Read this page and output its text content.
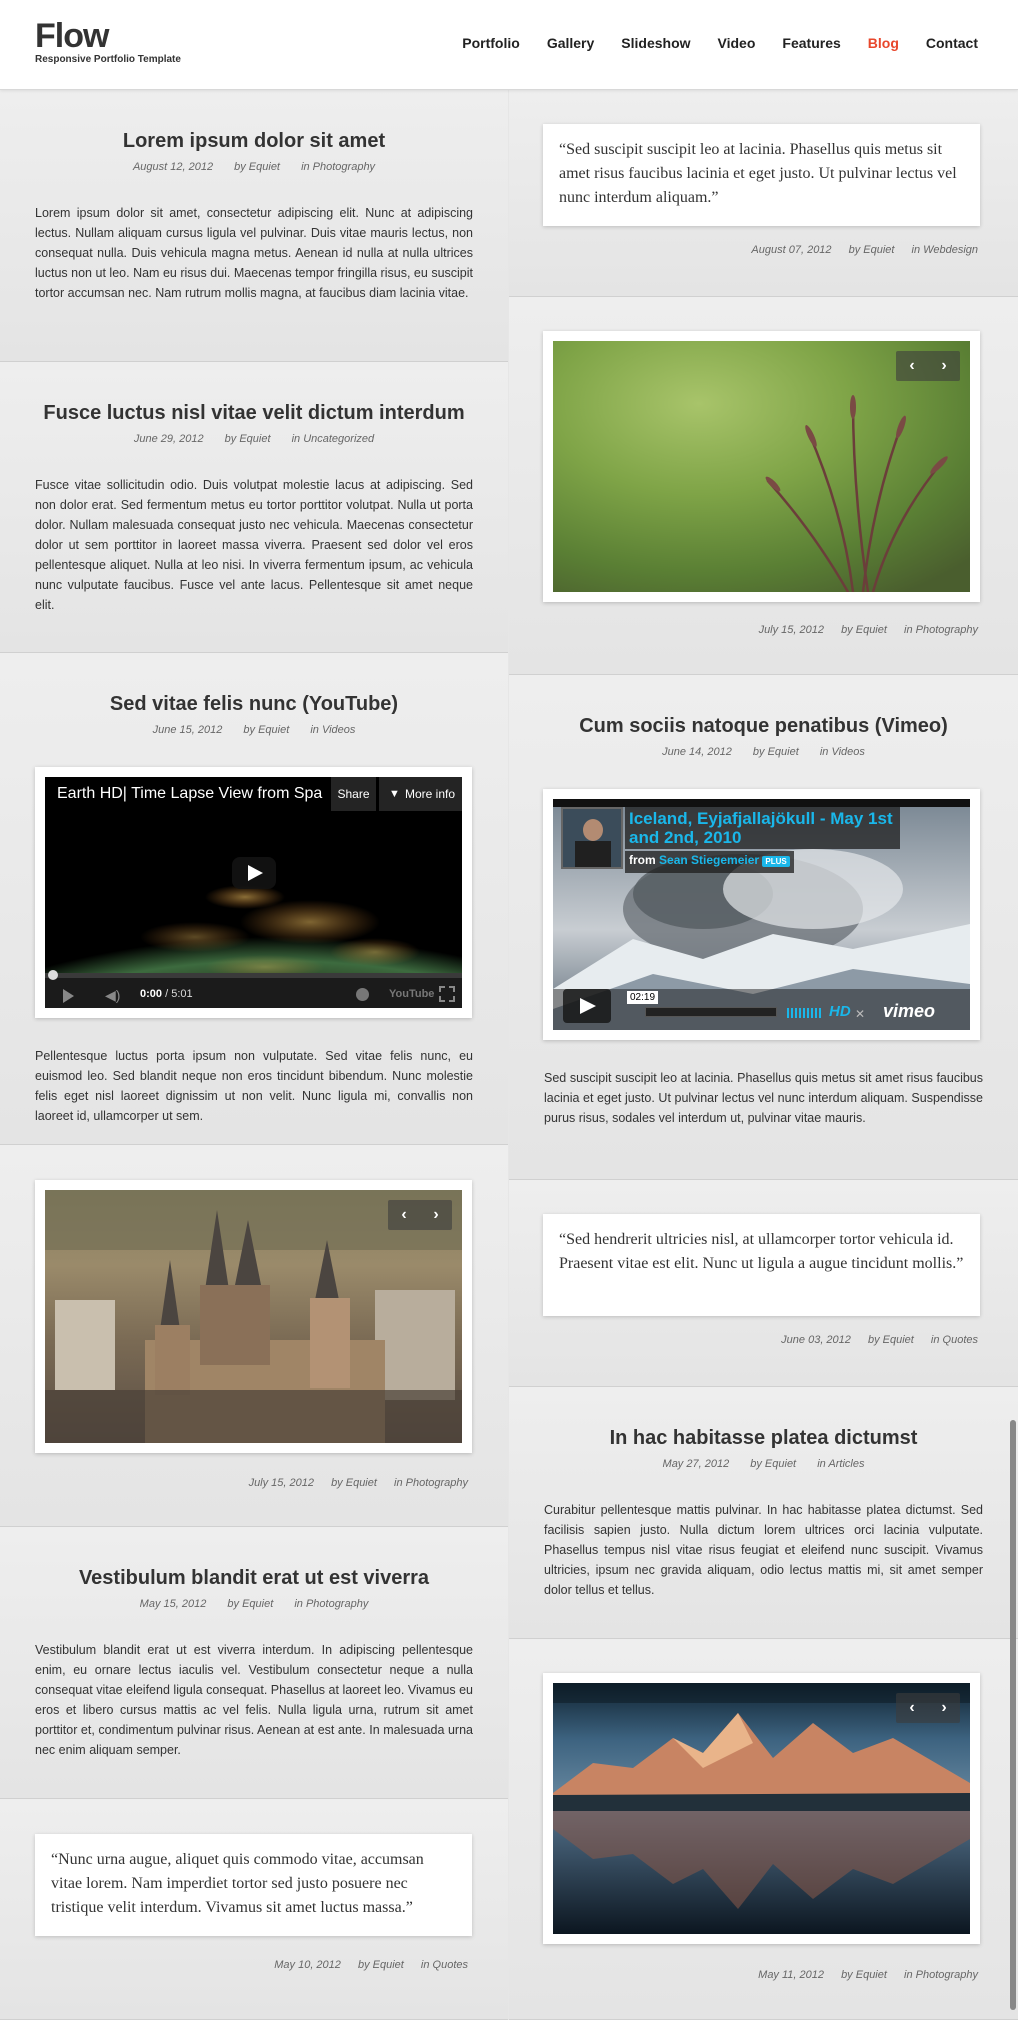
Flow
Responsive Portfolio Template
Portfolio Gallery Slideshow Video Features Blog Contact
Lorem ipsum dolor sit amet
August 12, 2012 by Equiet in Photography
Lorem ipsum dolor sit amet, consectetur adipiscing elit. Nunc at adipiscing lectus. Nullam aliquam cursus ligula vel pulvinar. Duis vitae mauris lectus, non consequat nulla. Duis vehicula magna metus. Aenean id nulla at nulla ultrices luctus non ut leo. Nam eu risus dui. Maecenas tempor fringilla risus, eu suscipit tortor accumsan nec. Nam rutrum mollis magna, at faucibus diam lacinia vitae.
Fusce luctus nisl vitae velit dictum interdum
June 29, 2012 by Equiet in Uncategorized
Fusce vitae sollicitudin odio. Duis volutpat molestie lacus at adipiscing. Sed non dolor erat. Sed fermentum metus eu tortor porttitor volutpat. Nulla ut porta dolor. Nullam malesuada consequat justo nec vehicula. Maecenas consectetur dolor ut sem porttitor in laoreet massa viverra. Praesent sed dolor vel eros pellentesque aliquet. Nulla at leo nisi. In viverra fermentum ipsum, ac vehicula nunc vulputate faucibus. Fusce vel ante lacus. Pellentesque sit amet neque elit.
Sed vitae felis nunc (YouTube)
June 15, 2012 by Equiet in Videos
Earth HD| Time Lapse View from Spa	Share	▼ More info
◀) 0:00 / 5:01	YouTube
Pellentesque luctus porta ipsum non vulputate. Sed vitae felis nunc, eu euismod leo. Sed blandit neque non eros tincidunt bibendum. Nunc molestie felis eget nisl laoreet dignissim ut non velit. Nunc ligula mi, convallis non laoreet id, ullamcorper ut sem.
‹ ›
July 15, 2012 by Equiet in Photography
Vestibulum blandit erat ut est viverra
May 15, 2012 by Equiet in Photography
Vestibulum blandit erat ut est viverra interdum. In adipiscing pellentesque enim, eu ornare lectus iaculis vel. Vestibulum consectetur neque a nulla consequat vitae eleifend ligula consequat. Phasellus at laoreet leo. Vivamus eu eros et libero cursus mattis ac vel felis. Nulla ligula urna, rutrum sit amet porttitor et, condimentum pulvinar risus. Aenean at est ante. In malesuada urna nec enim aliquam semper.
“Nunc urna augue, aliquet quis commodo vitae, accumsan vitae lorem. Nam imperdiet tortor sed justo posuere nec tristique velit interdum. Vivamus sit amet luctus massa.”
May 10, 2012 by Equiet in Quotes
“Sed suscipit suscipit leo at lacinia. Phasellus quis metus sit amet risus faucibus lacinia et eget justo. Ut pulvinar lectus vel nunc interdum aliquam.”
August 07, 2012 by Equiet in Webdesign
‹ ›
July 15, 2012 by Equiet in Photography
Cum sociis natoque penatibus (Vimeo)
June 14, 2012 by Equiet in Videos
Iceland, Eyjafjallajökull - May 1st and 2nd, 2010
from Sean Stiegemeier PLUS
02:19
HD ✕ vimeo
Sed suscipit suscipit leo at lacinia. Phasellus quis metus sit amet risus faucibus lacinia et eget justo. Ut pulvinar lectus vel nunc interdum aliquam. Suspendisse purus risus, sodales vel interdum ut, pulvinar vitae mauris.
“Sed hendrerit ultricies nisl, at ullamcorper tortor vehicula id. Praesent vitae est elit. Nunc ut ligula a augue tincidunt mollis.”
June 03, 2012 by Equiet in Quotes
In hac habitasse platea dictumst
May 27, 2012 by Equiet in Articles
Curabitur pellentesque mattis pulvinar. In hac habitasse platea dictumst. Sed facilisis sapien justo. Nulla dictum lorem ultrices orci lacinia vulputate. Phasellus tempus nisl vitae risus feugiat et eleifend nunc suscipit. Vivamus ultricies, ipsum nec gravida aliquam, odio lectus mattis mi, sit amet semper dolor tellus et tellus.
‹ ›
May 11, 2012 by Equiet in Photography
